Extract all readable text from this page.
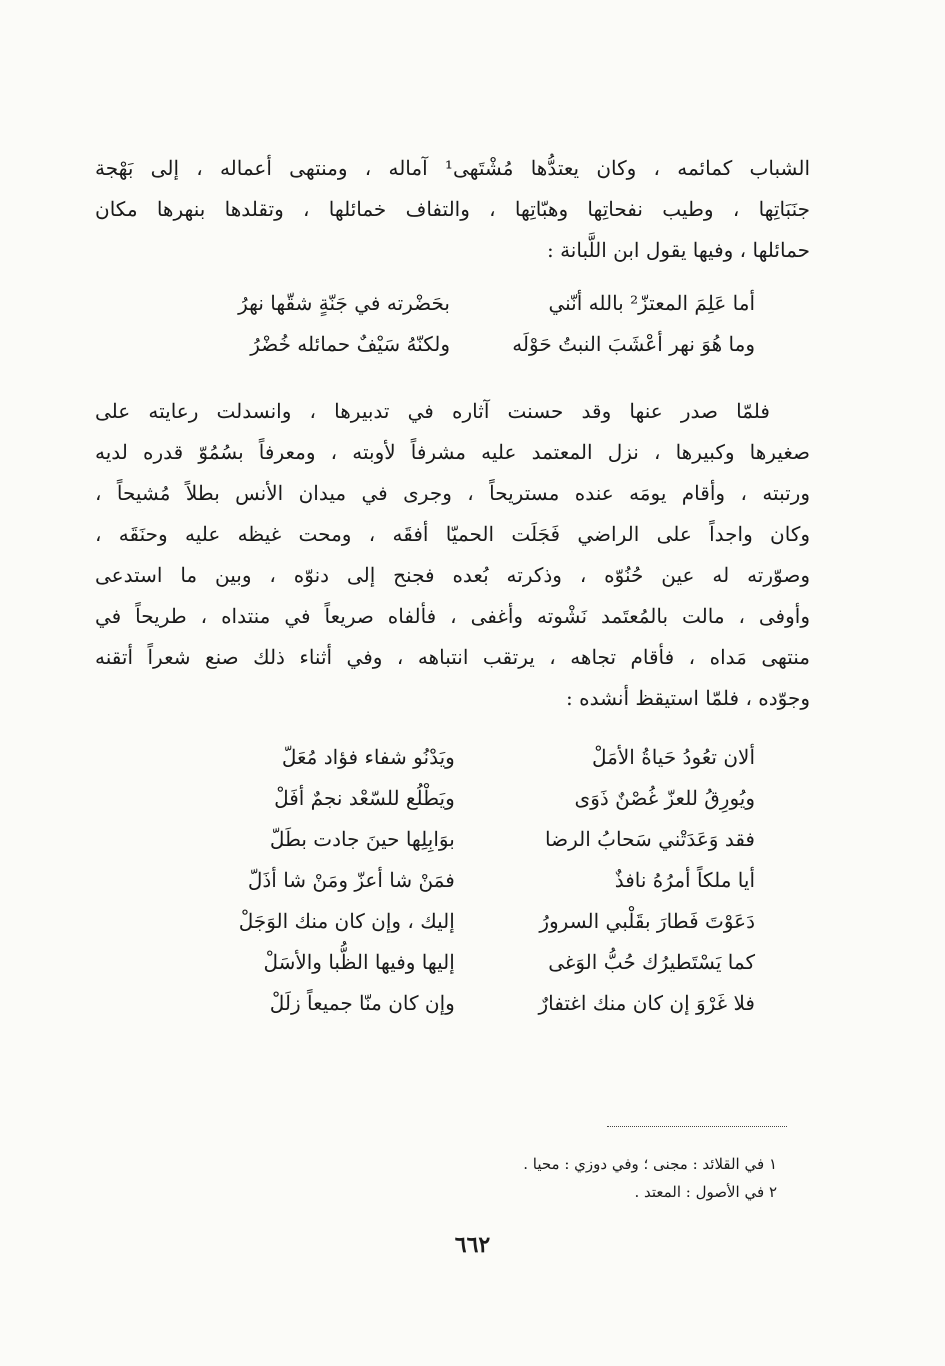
الشباب كمائمه ، وكان يعتدُّها مُشْتَهى¹ آماله ، ومنتهى أعماله ، إلى بَهْجة
جنَبَاتِها ، وطيب نفحاتِها وهبّاتِها ، والتفاف خمائلها ، وتقلدها بنهرها مكان
حمائلها ، وفيها يقول ابن اللَّبانة :
أما عَلِمَ المعتزّ² بالله أنّني
بحَضْرته في جَنّةٍ شقّها نهرُ
وما هُوَ نهر أعْشَبَ النبتُ حَوْلَه
ولكنّهُ سَيْفٌ حمائله خُضْرُ
فلمّا صدر عنها وقد حسنت آثاره في تدبيرها ، وانسدلت رعايته على
صغيرها وكبيرها ، نزل المعتمد عليه مشرفاً لأوبته ، ومعرفاً بسُمُوّ قدره لديه
ورتبته ، وأقام يومَه عنده مستريحاً ، وجرى في ميدان الأنس بطلاً مُشيحاً ،
وكان واجداً على الراضي فَجَلَت الحميّا أفقَه ، ومحت غيظه عليه وحنَقَه ،
وصوّرته له عين حُنُوّه ، وذكرته بُعده فجنح إلى دنوّه ، وبين ما استدعى
وأوفى ، مالت بالمُعتَمد نَشْوته وأغفى ، فألفاه صريعاً في منتداه ، طريحاً في
منتهى مَداه ، فأقام تجاهه ، يرتقب انتباهه ، وفي أثناء ذلك صنع شعراً أتقنه
وجوّده ، فلمّا استيقظ أنشده :
ألان تعُودُ حَياةُ الأمَلْ
ويَدْنُو شفاء فؤاد مُعَلّ
ويُورِقُ للعزّ غُصْنٌ ذَوَى
ويَطْلُع للسّعْد نجمٌ أفَلْ
فقد وَعَدَتْني سَحابُ الرضا
بوَابِلِها حينَ جادت بطَلّ
أيا ملكاً أمرُهُ نافذٌ
فمَنْ شا أعزّ ومَنْ شا أذَلّ
دَعَوْتَ فَطارَ بقَلْبي السرورُ
إليك ، وإن كان منك الوَجَلْ
كما يَسْتَطيرُك حُبُّ الوَغى
إليها وفيها الظُّبا والأسَلْ
فلا غَرْوَ إن كان منك اغتفارٌ
وإن كان منّا جميعاً زلَلْ
١ في القلائد : مجنى ؛ وفي دوزي : محيا .
٢ في الأصول : المعتد .
٦٦٢
